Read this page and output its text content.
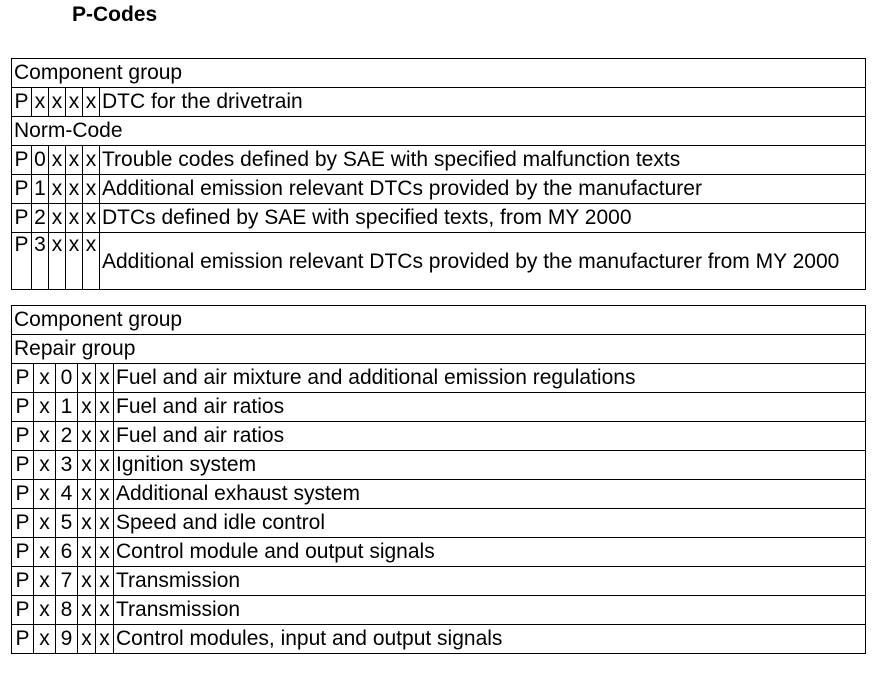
P-Codes
Component group					
P	x	x	x	x	DTC for the drivetrain
Norm-Code					
P	0	x	x	x	Trouble codes defined by SAE with specified malfunction texts
P	1	x	x	x	Additional emission relevant DTCs provided by the manufacturer
P	2	x	x	x	DTCs defined by SAE with specified texts, from MY 2000
P	3	x	x	x	Additional emission relevant DTCs provided by the manufacturer from MY 2000
Component group					
Repair group					
P	x	0	x	x	Fuel and air mixture and additional emission regulations
P	x	1	x	x	Fuel and air ratios
P	x	2	x	x	Fuel and air ratios
P	x	3	x	x	Ignition system
P	x	4	x	x	Additional exhaust system
P	x	5	x	x	Speed and idle control
P	x	6	x	x	Control module and output signals
P	x	7	x	x	Transmission
P	x	8	x	x	Transmission
P	x	9	x	x	Control modules, input and output signals
